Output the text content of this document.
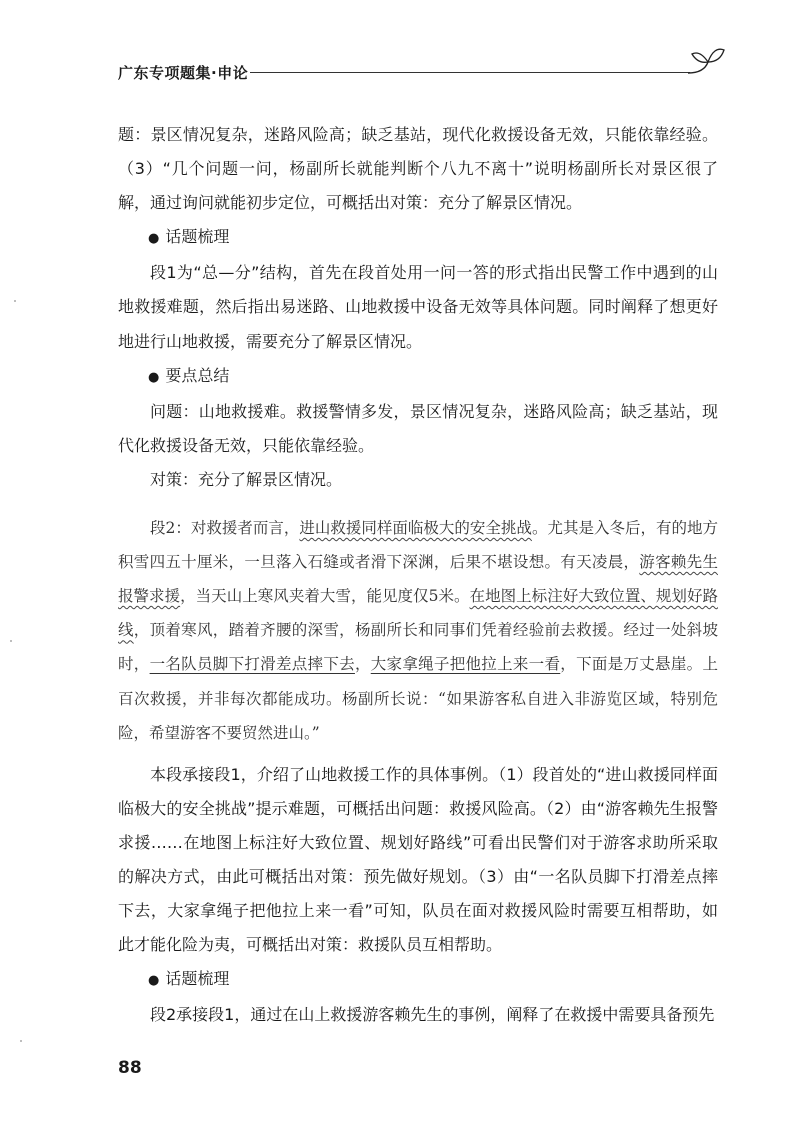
广东专项题集·申论

题：景区情况复杂，迷路风险高；缺乏基站，现代化救援设备无效，只能依靠经验。（3）“几个问题一问，杨副所长就能判断个八九不离十”说明杨副所长对景区很了解，通过询问就能初步定位，可概括出对策：充分了解景区情况。

● 话题梳理

段1为“总—分”结构，首先在段首处用一问一答的形式指出民警工作中遇到的山地救援难题，然后指出易迷路、山地救援中设备无效等具体问题。同时阐释了想更好地进行山地救援，需要充分了解景区情况。

● 要点总结

问题：山地救援难。救援警情多发，景区情况复杂，迷路风险高；缺乏基站，现代化救援设备无效，只能依靠经验。

对策：充分了解景区情况。

段2：对救援者而言，进山救援同样面临极大的安全挑战。尤其是入冬后，有的地方积雪四五十厘米，一旦落入石缝或者滑下深渊，后果不堪设想。有天凌晨，游客赖先生报警求援，当天山上寒风夹着大雪，能见度仅5米。在地图上标注好大致位置、规划好路线，顶着寒风，踏着齐腰的深雪，杨副所长和同事们凭着经验前去救援。经过一处斜坡时，一名队员脚下打滑差点摔下去，大家拿绳子把他拉上来一看，下面是万丈悬崖。上百次救援，并非每次都能成功。杨副所长说：“如果游客私自进入非游览区域，特别危险，希望游客不要贸然进山。”

本段承接段1，介绍了山地救援工作的具体事例。（1）段首处的“进山救援同样面临极大的安全挑战”提示难题，可概括出问题：救援风险高。（2）由“游客赖先生报警求援……在地图上标注好大致位置、规划好路线”可看出民警们对于游客求助所采取的解决方式，由此可概括出对策：预先做好规划。（3）由“一名队员脚下打滑差点摔下去，大家拿绳子把他拉上来一看”可知，队员在面对救援风险时需要互相帮助，如此才能化险为夷，可概括出对策：救援队员互相帮助。

● 话题梳理

段2承接段1，通过在山上救援游客赖先生的事例，阐释了在救援中需要具备预先

88
